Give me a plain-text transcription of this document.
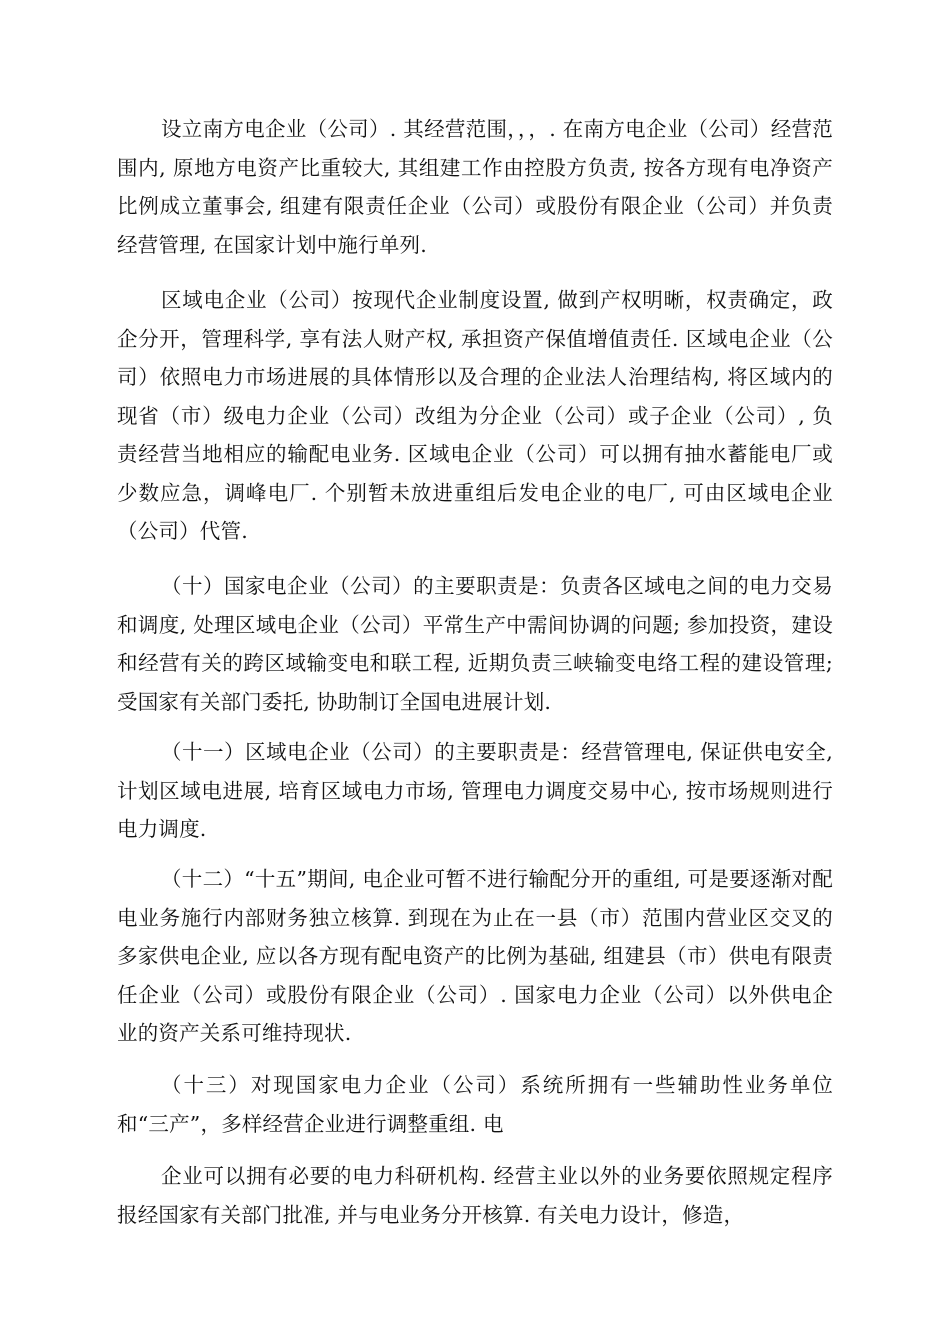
设立南方电企业（公司）. 其经营范围，，，. 在南方电企业（公司）经营范围内, 原地方电资产比重较大, 其组建工作由控股方负责, 按各方现有电净资产比例成立董事会, 组建有限责任企业（公司）或股份有限企业（公司）并负责经营管理, 在国家计划中施行单列.

区域电企业（公司）按现代企业制度设置, 做到产权明晰，权责确定，政企分开，管理科学, 享有法人财产权, 承担资产保值增值责任. 区域电企业（公司）依照电力市场进展的具体情形以及合理的企业法人治理结构, 将区域内的现省（市）级电力企业（公司）改组为分企业（公司）或子企业（公司）, 负责经营当地相应的输配电业务. 区域电企业（公司）可以拥有抽水蓄能电厂或少数应急，调峰电厂. 个别暂未放进重组后发电企业的电厂, 可由区域电企业（公司）代管.

（十）国家电企业（公司）的主要职责是：负责各区域电之间的电力交易和调度, 处理区域电企业（公司）平常生产中需间协调的问题; 参加投资，建设和经营有关的跨区域输变电和联工程, 近期负责三峡输变电络工程的建设管理; 受国家有关部门委托, 协助制订全国电进展计划.

（十一）区域电企业（公司）的主要职责是：经营管理电, 保证供电安全, 计划区域电进展, 培育区域电力市场, 管理电力调度交易中心, 按市场规则进行电力调度.

（十二）“十五”期间, 电企业可暂不进行输配分开的重组, 可是要逐渐对配电业务施行内部财务独立核算. 到现在为止在一县（市）范围内营业区交叉的多家供电企业, 应以各方现有配电资产的比例为基础, 组建县（市）供电有限责任企业（公司）或股份有限企业（公司）. 国家电力企业（公司）以外供电企业的资产关系可维持现状.

（十三）对现国家电力企业（公司）系统所拥有一些辅助性业务单位和“三产”，多样经营企业进行调整重组. 电

企业可以拥有必要的电力科研机构. 经营主业以外的业务要依照规定程序报经国家有关部门批准, 并与电业务分开核算. 有关电力设计，修造，
